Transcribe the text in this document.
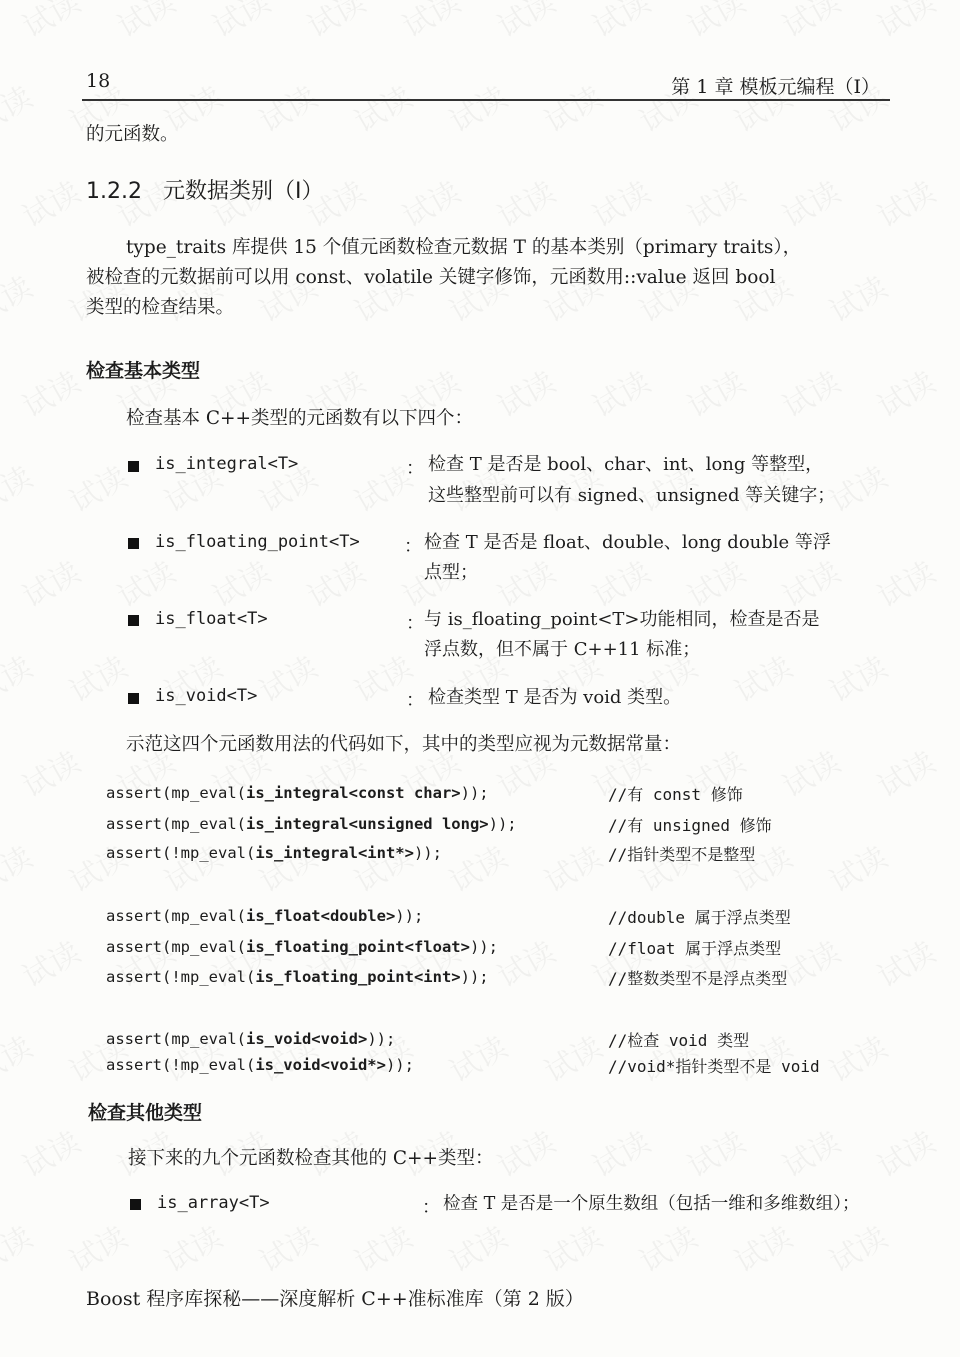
18	第 1 章 模板元编程（Ⅰ）
的元函数。
1.2.2 元数据类别（Ⅰ）
type_traits 库提供 15 个值元函数检查元数据 T 的基本类别（primary traits），
被检查的元数据前可以用 const、volatile 关键字修饰，元函数用::value 返回 bool
类型的检查结果。
检查基本类型
检查基本 C++类型的元函数有以下四个：
is_integral<T>	： 检查 T 是否是 bool、char、int、long 等整型，
这些整型前可以有 signed、unsigned 等关键字；
is_floating_point<T> ： 检查 T 是否是 float、double、long double 等浮
点型；
is_float<T>	： 与 is_floating_point<T>功能相同，检查是否是
浮点数，但不属于 C++11 标准；
is_void<T>	： 检查类型 T 是否为 void 类型。
示范这四个元函数用法的代码如下，其中的类型应视为元数据常量：
assert(mp_eval(is_integral<const char>));	//有 const 修饰
assert(mp_eval(is_integral<unsigned long>));	//有 unsigned 修饰
assert(!mp_eval(is_integral<int*>));	//指针类型不是整型
assert(mp_eval(is_float<double>));	//double 属于浮点类型
assert(mp_eval(is_floating_point<float>));	//float 属于浮点类型
assert(!mp_eval(is_floating_point<int>));	//整数类型不是浮点类型
assert(mp_eval(is_void<void>));	//检查 void 类型
assert(!mp_eval(is_void<void*>));	//void*指针类型不是 void
检查其他类型
接下来的九个元函数检查其他的 C++类型：
is_array<T>	： 检查 T 是否是一个原生数组（包括一维和多维数组）；
Boost 程序库探秘——深度解析 C++准标准库（第 2 版）
